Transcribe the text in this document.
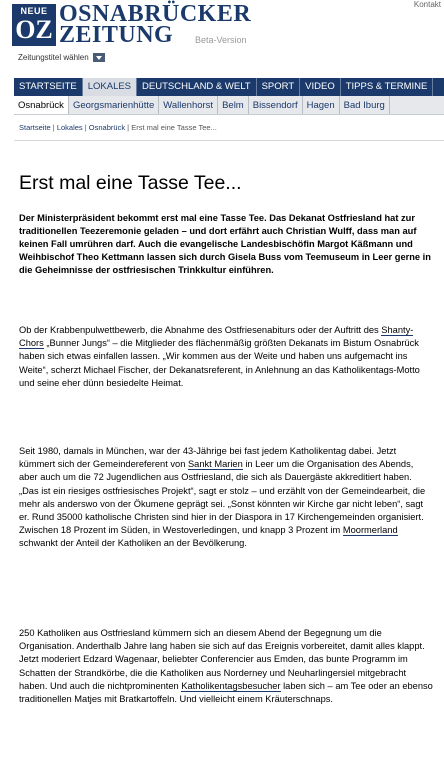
NEUE
OZ
OSNABRÜCKER
ZEITUNG	Beta-Version
Kontakt
Zeitungstitel wählen
STARTSEITE	LOKALES	DEUTSCHLAND & WELT	SPORT	VIDEO	TIPPS & TERMINE
Osnabrück Georgsmarienhütte Wallenhorst Belm Bissendorf Hagen Bad Iburg
Startseite | Lokales | Osnabrück | Erst mal eine Tasse Tee...
Erst mal eine Tasse Tee...

Der Ministerpräsident bekommt erst mal eine Tasse Tee. Das Dekanat Ostfriesland hat zur traditionellen Teezeremonie geladen – und dort erfährt auch Christian Wulff, dass man auf keinen Fall umrühren darf. Auch die evangelische Landesbischöfin Margot Käßmann und Weihbischof Theo Kettmann lassen sich durch Gisela Buss vom Teemuseum in Leer gerne in die Geheimnisse der ostfriesischen Trinkkultur einführen.

Ob der Krabbenpulwettbewerb, die Abnahme des Ostfriesenabiturs oder der Auftritt des Shanty-Chors „Bunner Jungs“ – die Mitglieder des flächenmäßig größten Dekanats im Bistum Osnabrück haben sich etwas einfallen lassen. „Wir kommen aus der Weite und haben uns aufgemacht ins Weite“, scherzt Michael Fischer, der Dekanatsreferent, in Anlehnung an das Katholikentags-Motto und seine eher dünn besiedelte Heimat.

Seit 1980, damals in München, war der 43-Jährige bei fast jedem Katholikentag dabei. Jetzt kümmert sich der Gemeindereferent von Sankt Marien in Leer um die Organisation des Abends, aber auch um die 72 Jugendlichen aus Ostfriesland, die sich als Dauergäste akkreditiert haben. „Das ist ein riesiges ostfriesisches Projekt“, sagt er stolz – und erzählt von der Gemeindearbeit, die mehr als anderswo von der Ökumene geprägt sei. „Sonst könnten wir Kirche gar nicht leben“, sagt er. Rund 35000 katholische Christen sind hier in der Diaspora in 17 Kirchengemeinden organisiert. Zwischen 18 Prozent im Süden, in Westoverledingen, und knapp 3 Prozent im Moormerland schwankt der Anteil der Katholiken an der Bevölkerung.

250 Katholiken aus Ostfriesland kümmern sich an diesem Abend der Begegnung um die Organisation. Anderthalb Jahre lang haben sie sich auf das Ereignis vorbereitet, damit alles klappt. Jetzt moderiert Edzard Wagenaar, beliebter Conferencier aus Emden, das bunte Programm im Schatten der Strandkörbe, die die Katholiken aus Norderney und Neuharlingersiel mitgebracht haben. Und auch die nichtprominenten Katholikentagsbesucher laben sich – am Tee oder an ebenso traditionellen Matjes mit Bratkartoffeln. Und vielleicht einem Kräuterschnaps.
